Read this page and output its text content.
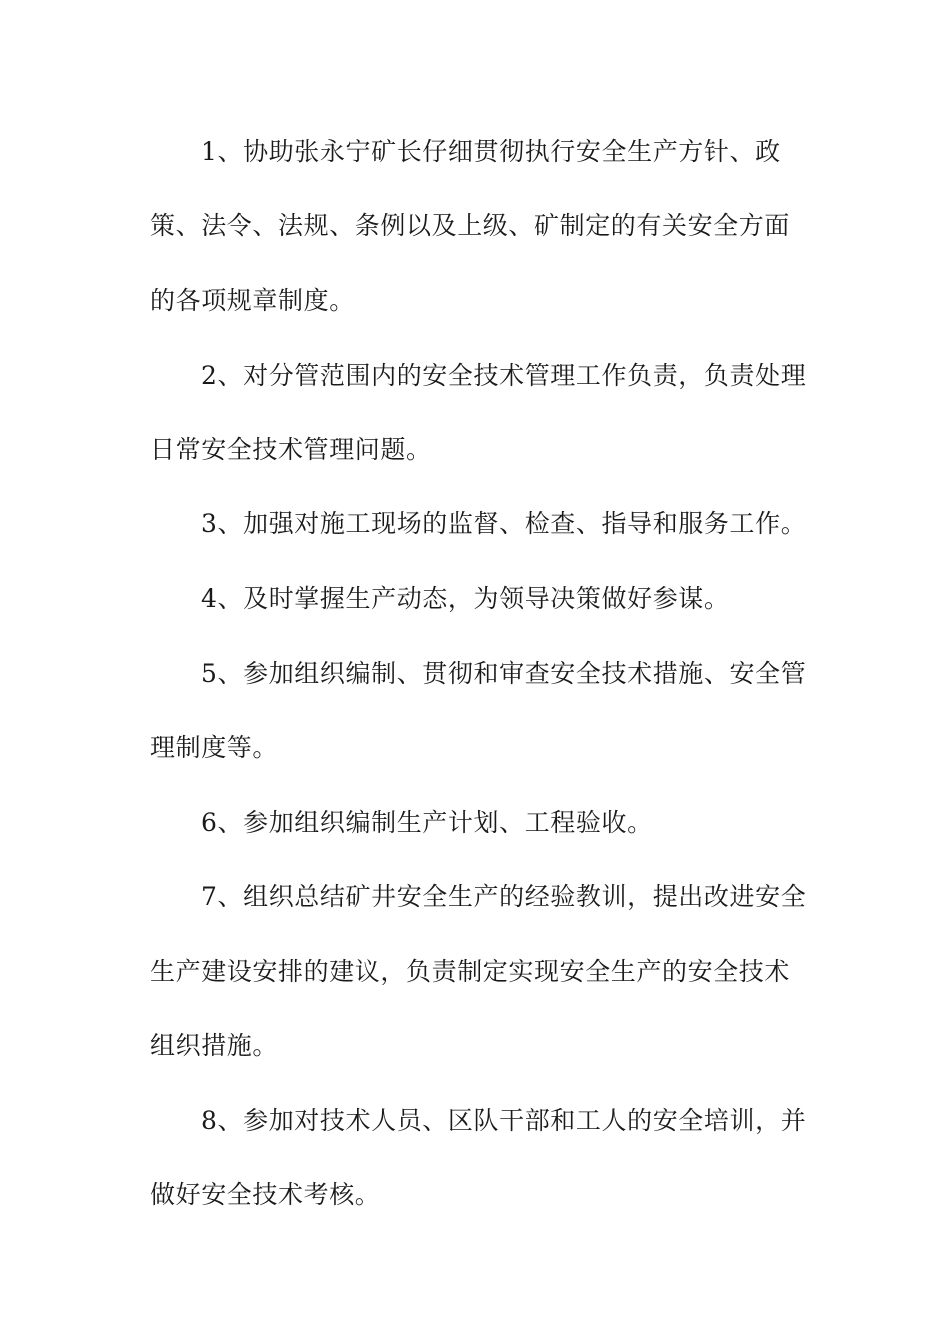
1、协助张永宁矿长仔细贯彻执行安全生产方针、政
策、法令、法规、条例以及上级、矿制定的有关安全方面
的各项规章制度。
2、对分管范围内的安全技术管理工作负责，负责处理
日常安全技术管理问题。
3、加强对施工现场的监督、检查、指导和服务工作。
4、及时掌握生产动态，为领导决策做好参谋。
5、参加组织编制、贯彻和审查安全技术措施、安全管
理制度等。
6、参加组织编制生产计划、工程验收。
7、组织总结矿井安全生产的经验教训，提出改进安全
生产建设安排的建议，负责制定实现安全生产的安全技术
组织措施。
8、参加对技术人员、区队干部和工人的安全培训，并
做好安全技术考核。
